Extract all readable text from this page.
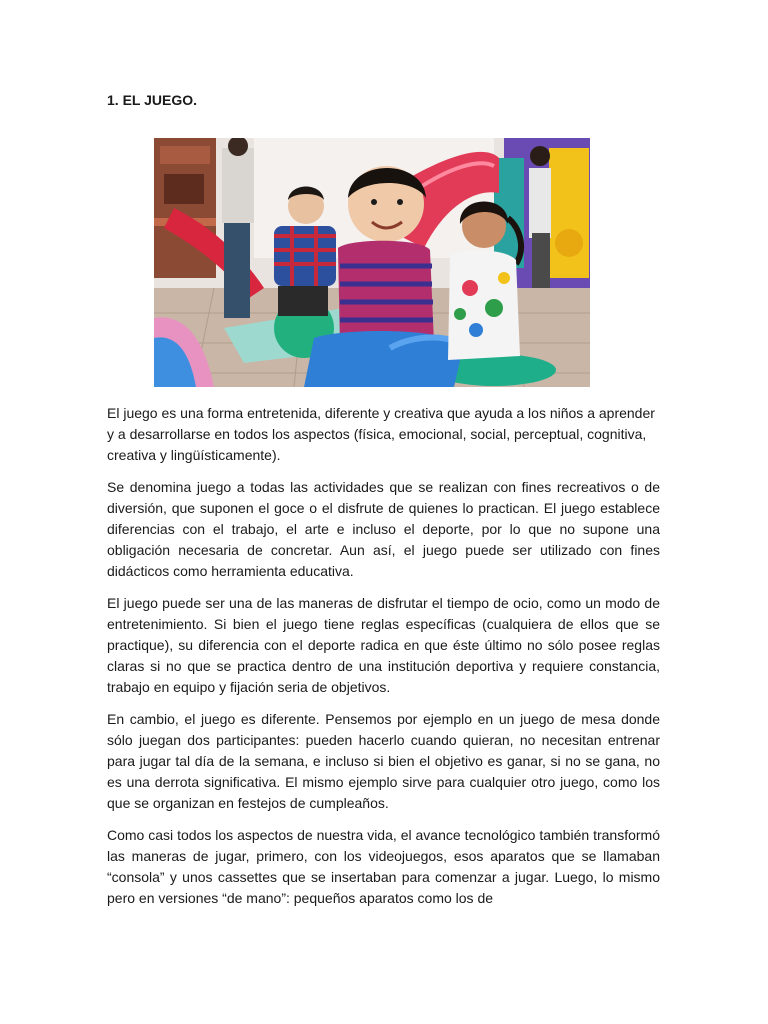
1. EL JUEGO.

El juego es una forma entretenida, diferente y creativa que ayuda a los niños a aprender y a desarrollarse en todos los aspectos (física, emocional, social, perceptual, cognitiva, creativa y lingüísticamente).

Se denomina juego a todas las actividades que se realizan con fines recreativos o de diversión, que suponen el goce o el disfrute de quienes lo practican. El juego establece diferencias con el trabajo, el arte e incluso el deporte, por lo que no supone una obligación necesaria de concretar. Aun así, el juego puede ser utilizado con fines didácticos como herramienta educativa.

El juego puede ser una de las maneras de disfrutar el tiempo de ocio, como un modo de entretenimiento. Si bien el juego tiene reglas específicas (cualquiera de ellos que se practique), su diferencia con el deporte radica en que éste último no sólo posee reglas claras si no que se practica dentro de una institución deportiva y requiere constancia, trabajo en equipo y fijación seria de objetivos.

En cambio, el juego es diferente. Pensemos por ejemplo en un juego de mesa donde sólo juegan dos participantes: pueden hacerlo cuando quieran, no necesitan entrenar para jugar tal día de la semana, e incluso si bien el objetivo es ganar, si no se gana, no es una derrota significativa. El mismo ejemplo sirve para cualquier otro juego, como los que se organizan en festejos de cumpleaños.

Como casi todos los aspectos de nuestra vida, el avance tecnológico también transformó las maneras de jugar, primero, con los videojuegos, esos aparatos que se llamaban “consola” y unos cassettes que se insertaban para comenzar a jugar. Luego, lo mismo pero en versiones “de mano”: pequeños aparatos como los de
